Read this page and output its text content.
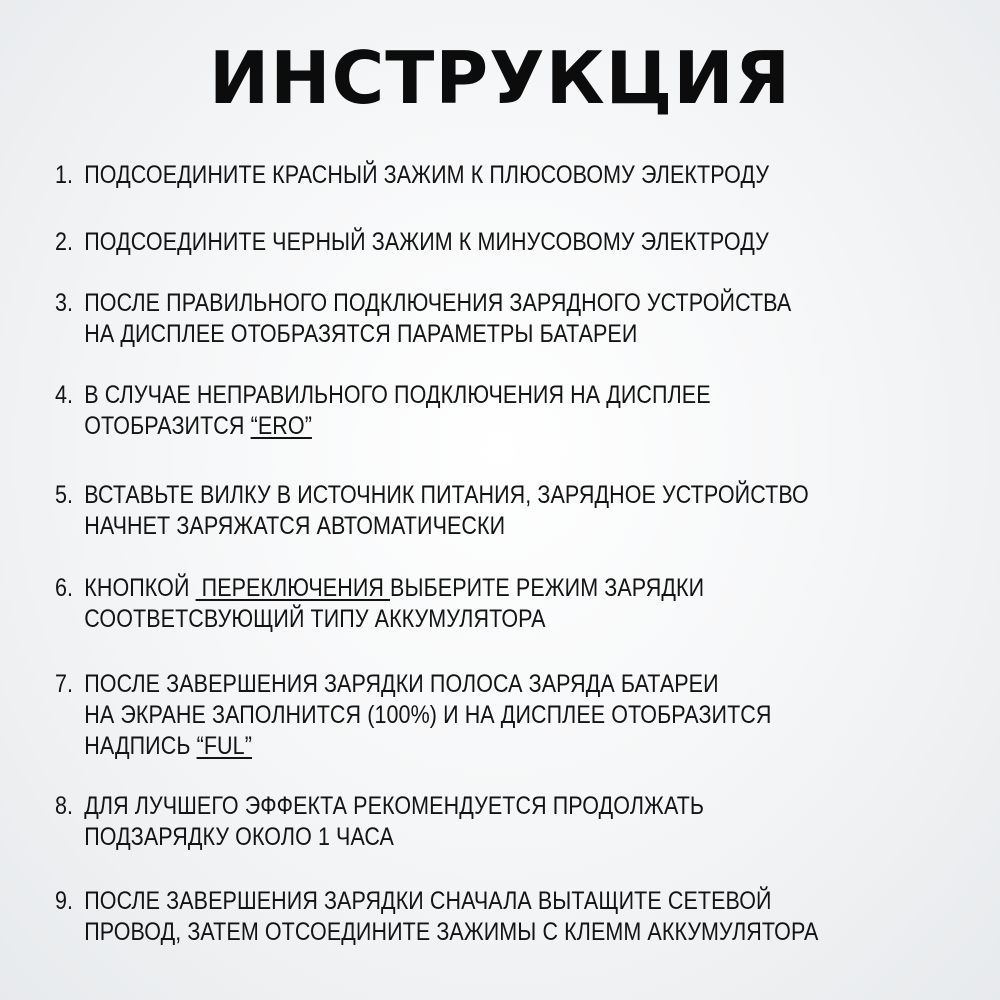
ИНСТРУКЦИЯ
1. ПОДСОЕДИНИТЕ КРАСНЫЙ ЗАЖИМ К ПЛЮСОВОМУ ЭЛЕКТРОДУ
2. ПОДСОЕДИНИТЕ ЧЕРНЫЙ ЗАЖИМ К МИНУСОВОМУ ЭЛЕКТРОДУ
3. ПОСЛЕ ПРАВИЛЬНОГО ПОДКЛЮЧЕНИЯ ЗАРЯДНОГО УСТРОЙСТВА
НА ДИСПЛЕЕ ОТОБРАЗЯТСЯ ПАРАМЕТРЫ БАТАРЕИ
4. В СЛУЧАЕ НЕПРАВИЛЬНОГО ПОДКЛЮЧЕНИЯ НА ДИСПЛЕЕ
ОТОБРАЗИТСЯ “ERO”
5. ВСТАВЬТЕ ВИЛКУ В ИСТОЧНИК ПИТАНИЯ, ЗАРЯДНОЕ УСТРОЙСТВО
НАЧНЕТ ЗАРЯЖАТСЯ АВТОМАТИЧЕСКИ
6. КНОПКОЙ  ПЕРЕКЛЮЧЕНИЯ ВЫБЕРИТЕ РЕЖИМ ЗАРЯДКИ
СООТВЕТСВУЮЩИЙ ТИПУ АККУМУЛЯТОРА
7. ПОСЛЕ ЗАВЕРШЕНИЯ ЗАРЯДКИ ПОЛОСА ЗАРЯДА БАТАРЕИ
НА ЭКРАНЕ ЗАПОЛНИТСЯ (100%) И НА ДИСПЛЕЕ ОТОБРАЗИТСЯ
НАДПИСЬ “FUL”
8. ДЛЯ ЛУЧШЕГО ЭФФЕКТА РЕКОМЕНДУЕТСЯ ПРОДОЛЖАТЬ
ПОДЗАРЯДКУ ОКОЛО 1 ЧАСА
9. ПОСЛЕ ЗАВЕРШЕНИЯ ЗАРЯДКИ СНАЧАЛА ВЫТАЩИТЕ СЕТЕВОЙ
ПРОВОД, ЗАТЕМ ОТСОЕДИНИТЕ ЗАЖИМЫ С КЛЕММ АККУМУЛЯТОРА
